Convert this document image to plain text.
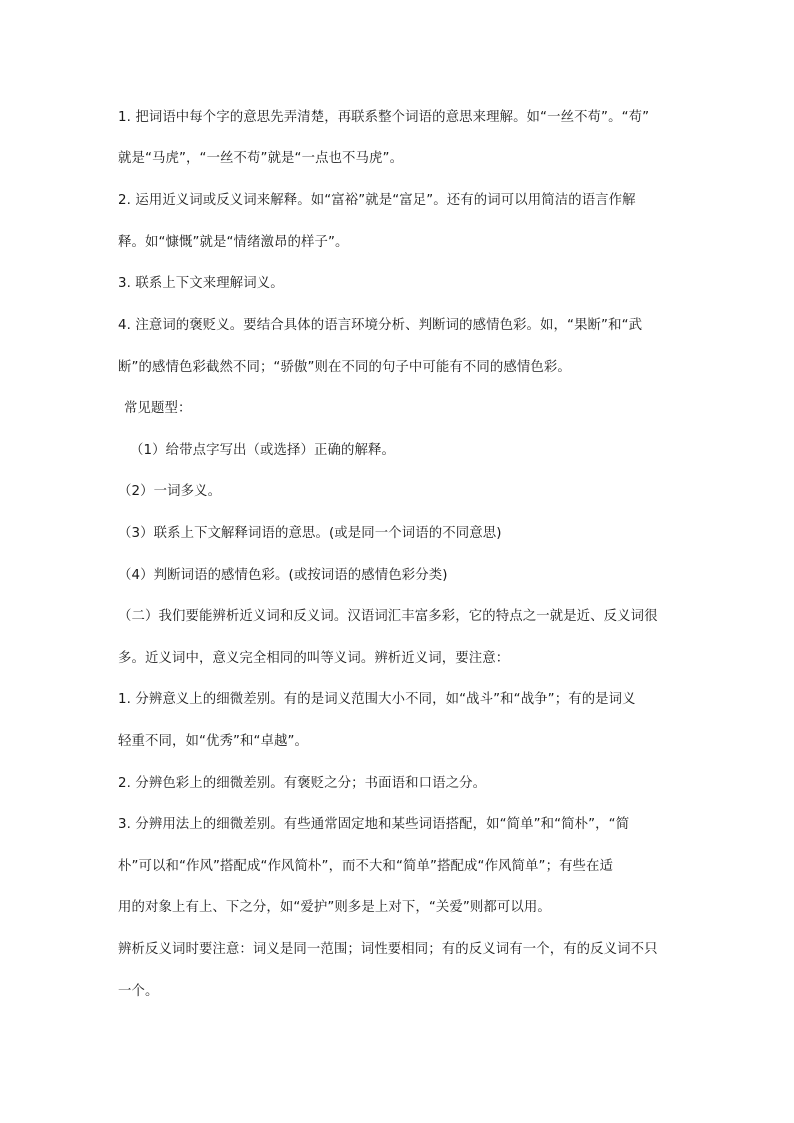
1. 把词语中每个字的意思先弄清楚，再联系整个词语的意思来理解。如“一丝不苟”。“苟”
就是“马虎”，“一丝不苟”就是“一点也不马虎”。
2. 运用近义词或反义词来解释。如“富裕”就是“富足”。还有的词可以用简洁的语言作解
释。如“慷慨”就是“情绪激昂的样子”。
3. 联系上下文来理解词义。
4. 注意词的褒贬义。要结合具体的语言环境分析、判断词的感情色彩。如，“果断”和“武
断”的感情色彩截然不同；“骄傲”则在不同的句子中可能有不同的感情色彩。
常见题型：
（1）给带点字写出（或选择）正确的解释。
（2）一词多义。
（3）联系上下文解释词语的意思。(或是同一个词语的不同意思)
（4）判断词语的感情色彩。(或按词语的感情色彩分类)
（二）我们要能辨析近义词和反义词。汉语词汇丰富多彩，它的特点之一就是近、反义词很
多。近义词中，意义完全相同的叫等义词。辨析近义词，要注意：
1. 分辨意义上的细微差别。有的是词义范围大小不同，如“战斗”和“战争”；有的是词义
轻重不同，如“优秀”和“卓越”。
2. 分辨色彩上的细微差别。有褒贬之分；书面语和口语之分。
3. 分辨用法上的细微差别。有些通常固定地和某些词语搭配，如“简单”和“简朴”，“简
朴”可以和“作风”搭配成“作风简朴”，而不大和“简单”搭配成“作风简单”；有些在适
用的对象上有上、下之分，如“爱护”则多是上对下，“关爱”则都可以用。
辨析反义词时要注意：词义是同一范围；词性要相同；有的反义词有一个，有的反义词不只
一个。
